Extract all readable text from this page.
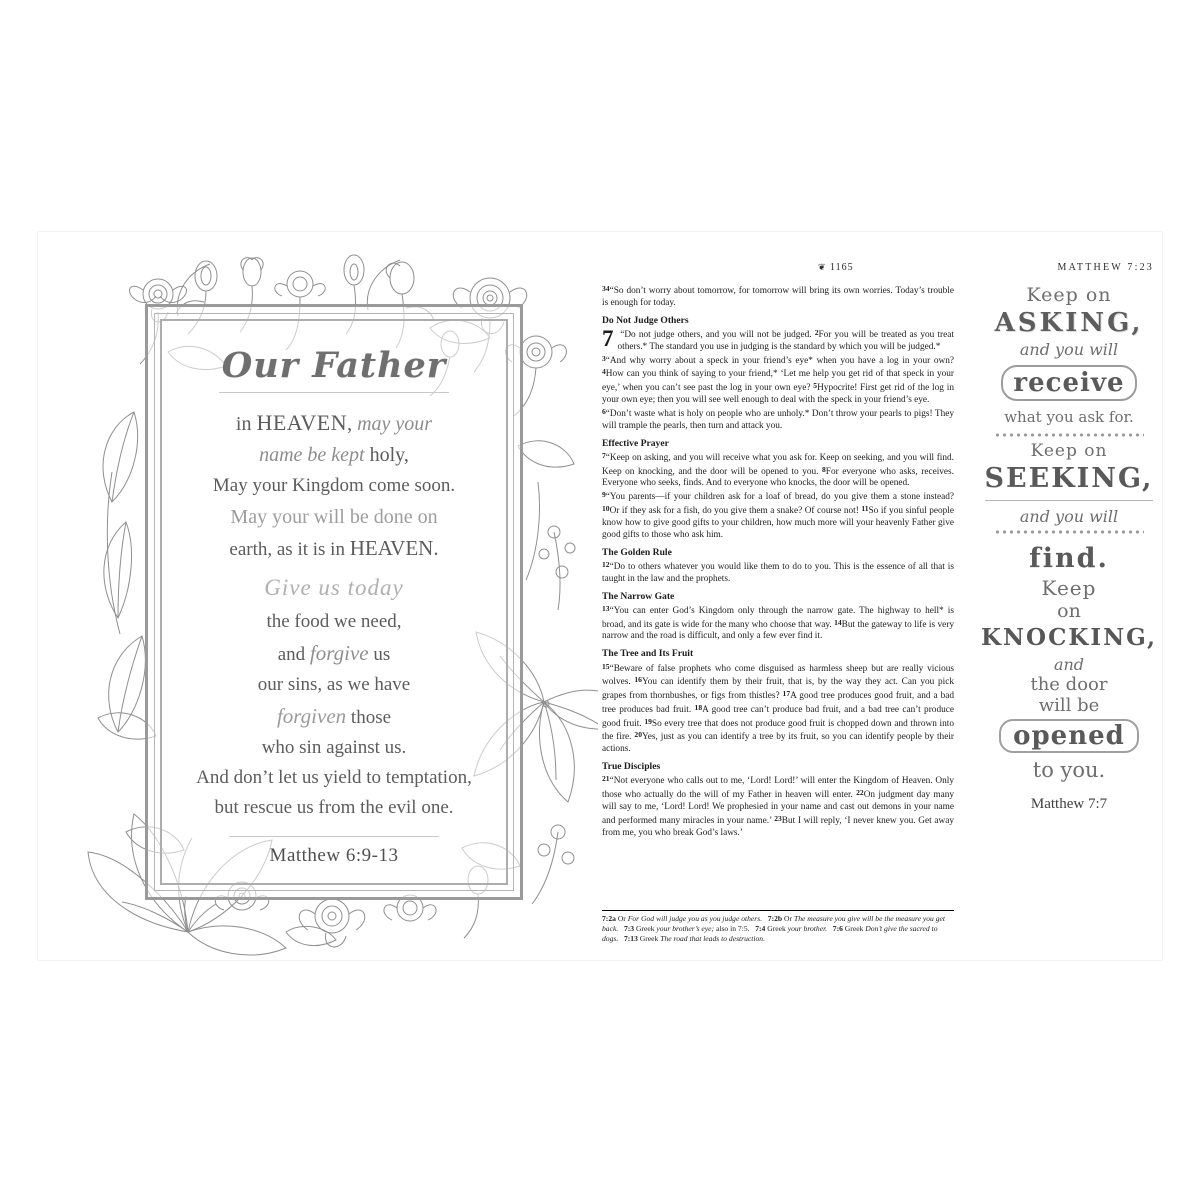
Our Father
in HEAVEN, may your
name be kept holy,
May your Kingdom come soon.
May your will be done on
earth, as it is in HEAVEN.
Give us today
the food we need,
and forgive us
our sins, as we have
forgiven those
who sin against us.
And don’t let us yield to temptation,
but rescue us from the evil one.
Matthew 6:9-13
❦ 1165	MATTHEW 7:23

$^{34}$“So don’t worry about tomorrow, for tomorrow will bring its own worries. Today’s trouble is enough for today.

Do Not Judge Others

7 “Do not judge others, and you will not be judged. $^2$For you will be treated as you treat others.* The standard you use in judging is the standard by which you will be judged.*

$^3$“And why worry about a speck in your friend’s eye* when you have a log in your own? $^4$How can you think of saying to your friend,* ‘Let me help you get rid of that speck in your eye,’ when you can’t see past the log in your own eye? $^5$Hypocrite! First get rid of the log in your own eye; then you will see well enough to deal with the speck in your friend’s eye.

$^6$“Don’t waste what is holy on people who are unholy.* Don’t throw your pearls to pigs! They will trample the pearls, then turn and attack you.

Effective Prayer

$^7$“Keep on asking, and you will receive what you ask for. Keep on seeking, and you will find. Keep on knocking, and the door will be opened to you. $^8$For everyone who asks, receives. Everyone who seeks, finds. And to everyone who knocks, the door will be opened.

$^9$“You parents—if your children ask for a loaf of bread, do you give them a stone instead? $^{10}$Or if they ask for a fish, do you give them a snake? Of course not! $^{11}$So if you sinful people know how to give good gifts to your children, how much more will your heavenly Father give good gifts to those who ask him.

The Golden Rule

$^{12}$“Do to others whatever you would like them to do to you. This is the essence of all that is taught in the law and the prophets.

The Narrow Gate

$^{13}$“You can enter God’s Kingdom only through the narrow gate. The highway to hell* is broad, and its gate is wide for the many who choose that way. $^{14}$But the gateway to life is very narrow and the road is difficult, and only a few ever find it.

The Tree and Its Fruit

$^{15}$“Beware of false prophets who come disguised as harmless sheep but are really vicious wolves. $^{16}$You can identify them by their fruit, that is, by the way they act. Can you pick grapes from thornbushes, or figs from thistles? $^{17}$A good tree produces good fruit, and a bad tree produces bad fruit. $^{18}$A good tree can’t produce bad fruit, and a bad tree can’t produce good fruit. $^{19}$So every tree that does not produce good fruit is chopped down and thrown into the fire. $^{20}$Yes, just as you can identify a tree by its fruit, so you can identify people by their actions.

True Disciples

$^{21}$“Not everyone who calls out to me, ‘Lord! Lord!’ will enter the Kingdom of Heaven. Only those who actually do the will of my Father in heaven will enter. $^{22}$On judgment day many will say to me, ‘Lord! Lord! We prophesied in your name and cast out demons in your name and performed many miracles in your name.’ $^{23}$But I will reply, ‘I never knew you. Get away from me, you who break God’s laws.’

7:2a Or For God will judge you as you judge others. 7:2b Or The measure you give will be the measure you get back. 7:3 Greek your brother’s eye; also in 7:5.   7:4 Greek your brother. 7:6 Greek Don’t give the sacred to dogs. 7:13 Greek The road that leads to destruction.
Keep on
ASKING,
and you will
receive
what you ask for.
Keep on
SEEKING,
and you will
find.
Keep
on
KNOCKING,
and
the door
will be
opened
to you.
Matthew 7:7
